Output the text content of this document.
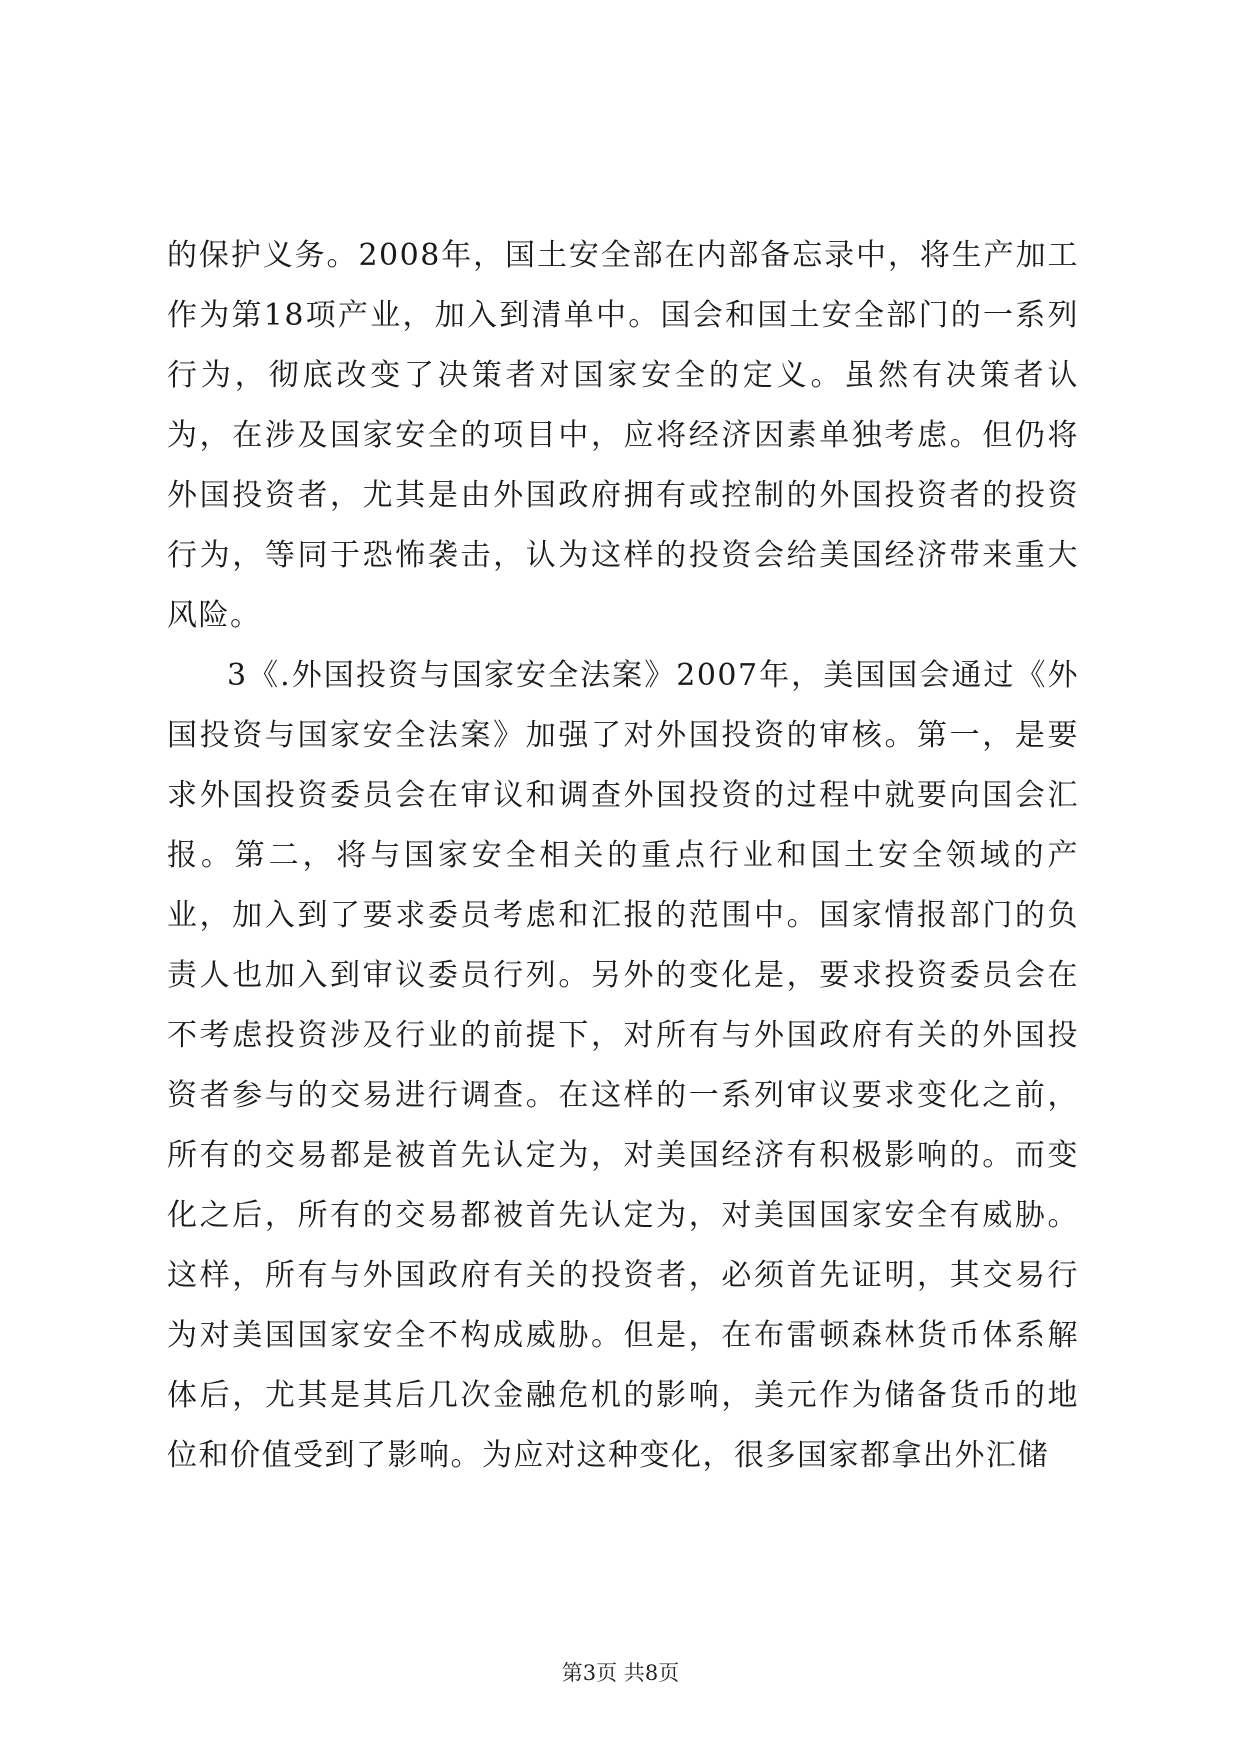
的保护义务。2008年，国土安全部在内部备忘录中，将生产加工作为第18项产业，加入到清单中。国会和国土安全部门的一系列行为，彻底改变了决策者对国家安全的定义。虽然有决策者认为，在涉及国家安全的项目中，应将经济因素单独考虑。但仍将外国投资者，尤其是由外国政府拥有或控制的外国投资者的投资行为，等同于恐怖袭击，认为这样的投资会给美国经济带来重大风险。

3《.外国投资与国家安全法案》2007年，美国国会通过《外国投资与国家安全法案》加强了对外国投资的审核。第一，是要求外国投资委员会在审议和调查外国投资的过程中就要向国会汇报。第二，将与国家安全相关的重点行业和国土安全领域的产业，加入到了要求委员考虑和汇报的范围中。国家情报部门的负责人也加入到审议委员行列。另外的变化是，要求投资委员会在不考虑投资涉及行业的前提下，对所有与外国政府有关的外国投资者参与的交易进行调查。在这样的一系列审议要求变化之前，所有的交易都是被首先认定为，对美国经济有积极影响的。而变化之后，所有的交易都被首先认定为，对美国国家安全有威胁。这样，所有与外国政府有关的投资者，必须首先证明，其交易行为对美国国家安全不构成威胁。但是，在布雷顿森林货币体系解体后，尤其是其后几次金融危机的影响，美元作为储备货币的地位和价值受到了影响。为应对这种变化，很多国家都拿出外汇储

第3页 共8页
